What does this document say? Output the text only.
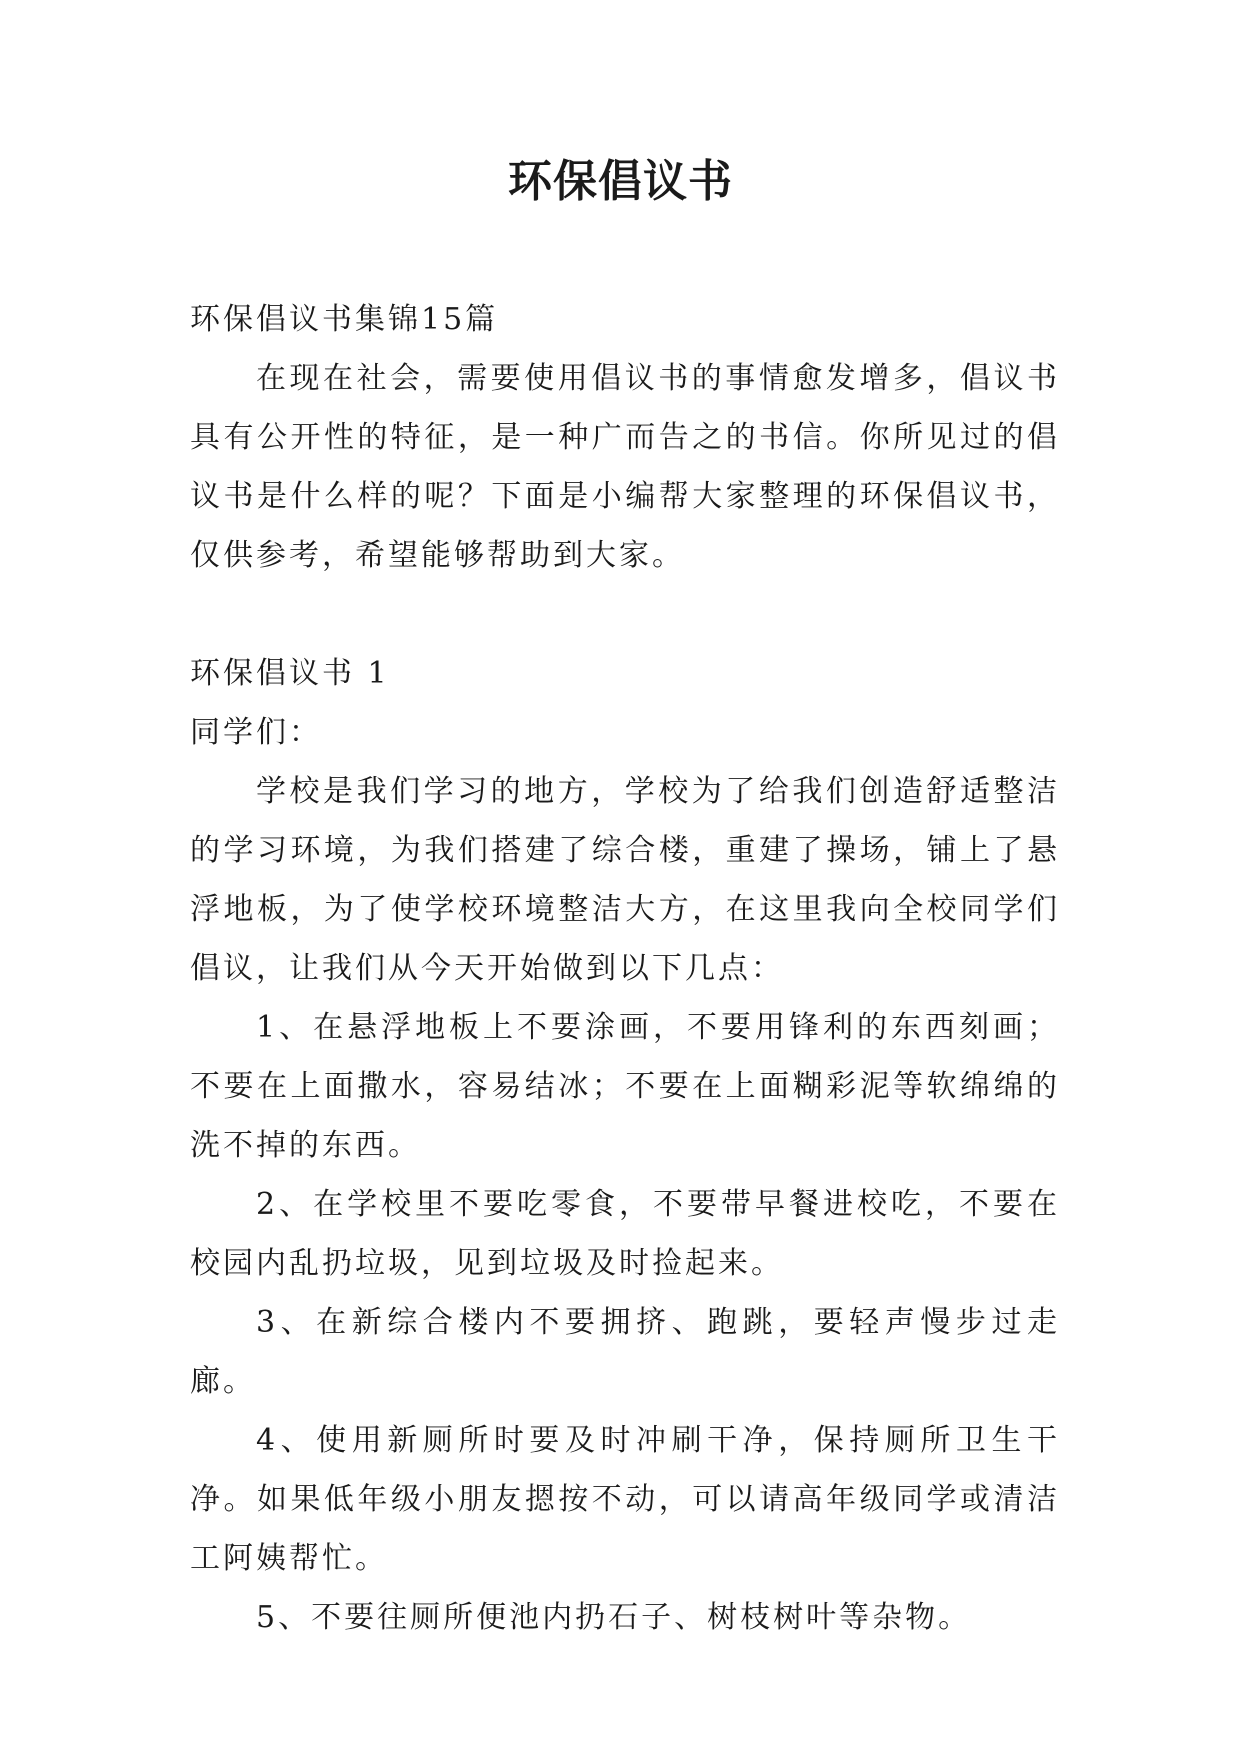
环保倡议书

环保倡议书集锦15篇

在现在社会，需要使用倡议书的事情愈发增多，倡议书具有公开性的特征，是一种广而告之的书信。你所见过的倡议书是什么样的呢？下面是小编帮大家整理的环保倡议书，仅供参考，希望能够帮助到大家。

环保倡议书 1

同学们：

学校是我们学习的地方，学校为了给我们创造舒适整洁的学习环境，为我们搭建了综合楼，重建了操场，铺上了悬浮地板，为了使学校环境整洁大方，在这里我向全校同学们倡议，让我们从今天开始做到以下几点：

1、在悬浮地板上不要涂画，不要用锋利的东西刻画；不要在上面撒水，容易结冰；不要在上面糊彩泥等软绵绵的洗不掉的东西。

2、在学校里不要吃零食，不要带早餐进校吃，不要在校园内乱扔垃圾，见到垃圾及时捡起来。

3、在新综合楼内不要拥挤、跑跳，要轻声慢步过走廊。

4、使用新厕所时要及时冲刷干净，保持厕所卫生干净。如果低年级小朋友摁按不动，可以请高年级同学或清洁工阿姨帮忙。

5、不要往厕所便池内扔石子、树枝树叶等杂物。
